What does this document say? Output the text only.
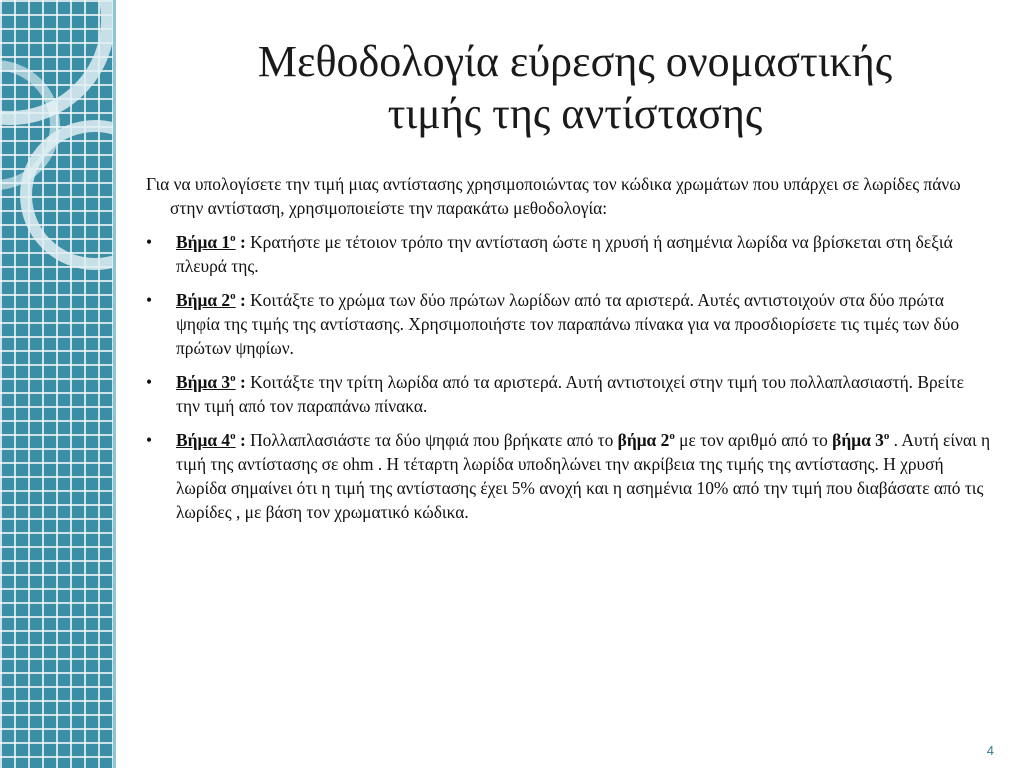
Μεθοδολογία εύρεσης ονομαστικής
τιμής της αντίστασης

Για να υπολογίσετε την τιμή μιας αντίστασης χρησιμοποιώντας τον κώδικα χρωμάτων που υπάρχει σε λωρίδες πάνω στην αντίσταση, χρησιμοποιείστε την παρακάτω μεθοδολογία:

• Βήμα $1^o$ : Κρατήστε με τέτοιον τρόπο την αντίσταση ώστε η χρυσή ή ασημένια λωρίδα να βρίσκεται στη δεξιά πλευρά της.
• Βήμα $2^o$ : Κοιτάξτε το χρώμα των δύο πρώτων λωρίδων από τα αριστερά. Αυτές αντιστοιχούν στα δύο πρώτα ψηφία της τιμής της αντίστασης. Χρησιμοποιήστε τον παραπάνω πίνακα για να προσδιορίσετε τις τιμές των δύο πρώτων ψηφίων.
• Βήμα $3^o$ : Κοιτάξτε την τρίτη λωρίδα από τα αριστερά. Αυτή αντιστοιχεί στην τιμή του πολλαπλασιαστή. Βρείτε την τιμή από τον παραπάνω πίνακα.
• Βήμα $4^o$ : Πολλαπλασιάστε τα δύο ψηφιά που βρήκατε από το βήμα $2^o$ με τον αριθμό από το βήμα $3^o$ . Αυτή είναι η τιμή της αντίστασης σε ohm . Η τέταρτη λωρίδα υποδηλώνει την ακρίβεια της τιμής της αντίστασης. Η χρυσή λωρίδα σημαίνει ότι η τιμή της αντίστασης έχει 5% ανοχή και η ασημένια 10% από την τιμή που διαβάσατε από τις λωρίδες , με βάση τον χρωματικό κώδικα.
4
